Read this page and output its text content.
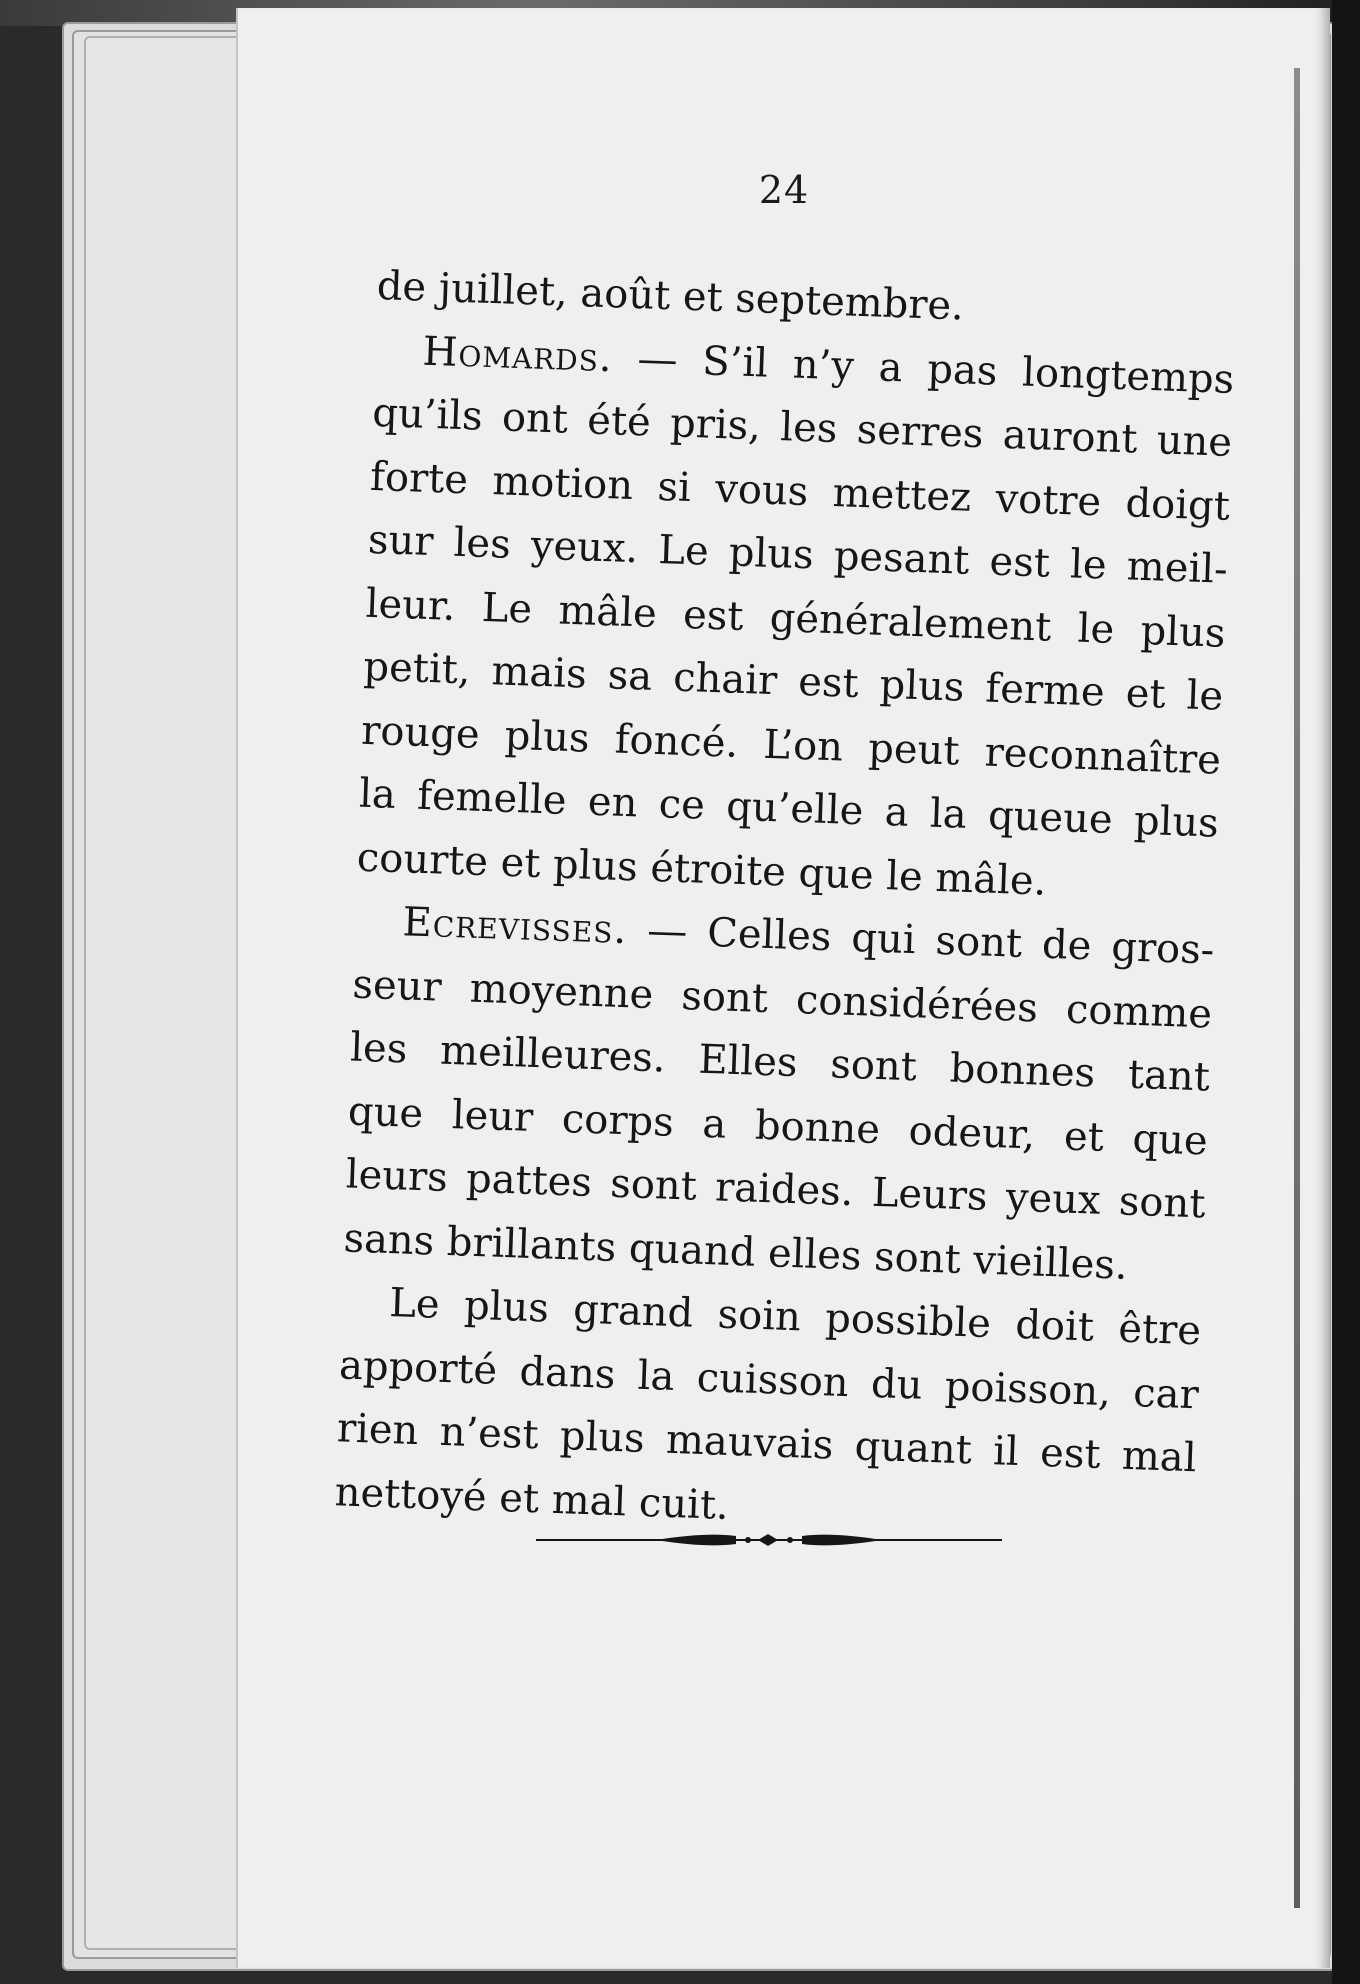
24
de juillet, août et septembre.
Homards. — S’il n’y a pas longtemps
qu’ils ont été pris, les serres auront une
forte motion si vous mettez votre doigt
sur les yeux. Le plus pesant est le meil-
leur. Le mâle est généralement le plus
petit, mais sa chair est plus ferme et le
rouge plus foncé. L’on peut reconnaître
la femelle en ce qu’elle a la queue plus
courte et plus étroite que le mâle.
Ecrevisses. — Celles qui sont de gros-
seur moyenne sont considérées comme
les meilleures. Elles sont bonnes tant
que leur corps a bonne odeur, et que
leurs pattes sont raides. Leurs yeux sont
sans brillants quand elles sont vieilles.
Le plus grand soin possible doit être
apporté dans la cuisson du poisson, car
rien n’est plus mauvais quant il est mal
nettoyé et mal cuit.
